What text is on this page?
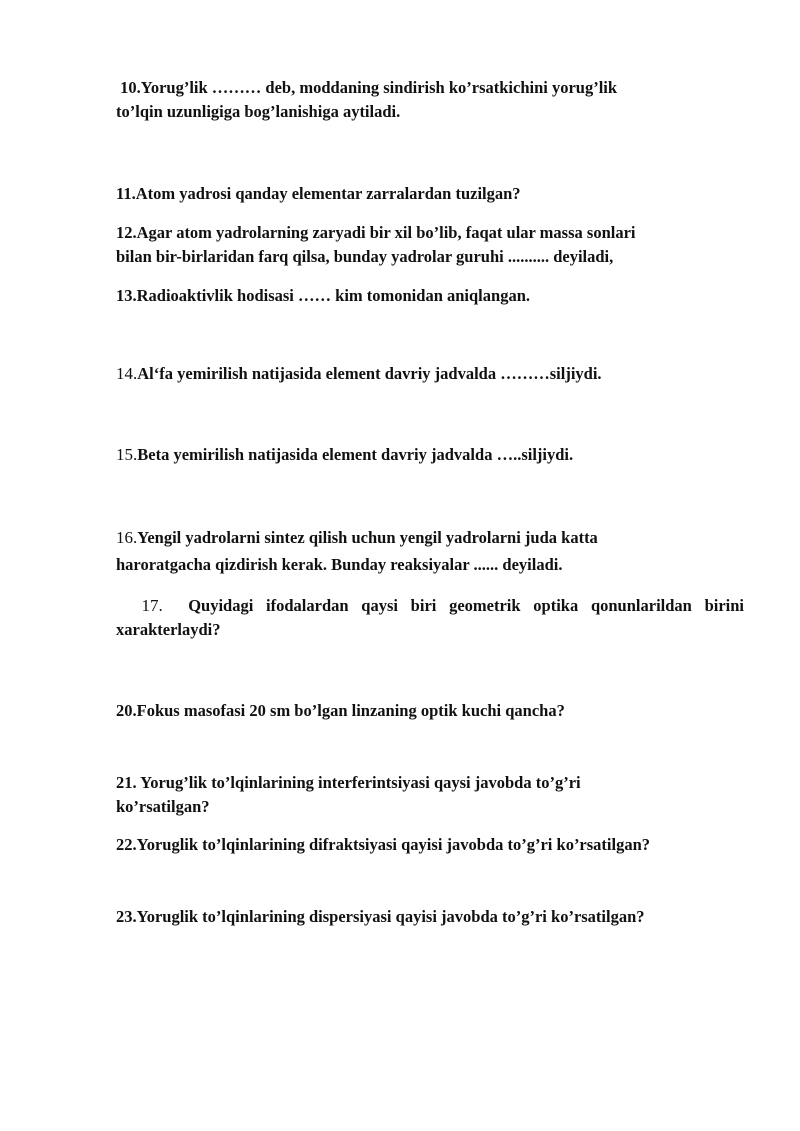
10.Yorug’lik ……… deb, moddaning sindirish ko’rsatkichini yorug’lik
to’lqin uzunligiga bog’lanishiga aytiladi.
11.Atom yadrosi qanday elementar zarralardan tuzilgan?
12.Agar atom yadrolarning zaryadi bir xil bo’lib, faqat ular massa sonlari
bilan bir-birlaridan farq qilsa, bunday yadrolar guruhi .......... deyiladi,
13.Radioaktivlik hodisasi …… kim tomonidan aniqlangan.
14.Al‘fa yemirilish natijasida element davriy jadvalda ………siljiydi.
15.Beta yemirilish natijasida element davriy jadvalda …..siljiydi.
16.Yengil yadrolarni sintez qilish uchun yengil yadrolarni juda katta
haroratgacha qizdirish kerak. Bunday reaksiyalar ...... deyiladi.
17. Quyidagi ifodalardan qaysi biri geometrik optika qonunlarildan birini
xarakterlaydi?
20.Fokus masofasi 20 sm bo’lgan linzaning optik kuchi qancha?
21. Yorug’lik to’lqinlarining interferintsiyasi qaysi javobda to’g’ri
ko’rsatilgan?
22.Yoruglik to’lqinlarining difraktsiyasi qayisi javobda to’g’ri ko’rsatilgan?
23.Yoruglik to’lqinlarining dispersiyasi qayisi javobda to’g’ri ko’rsatilgan?
